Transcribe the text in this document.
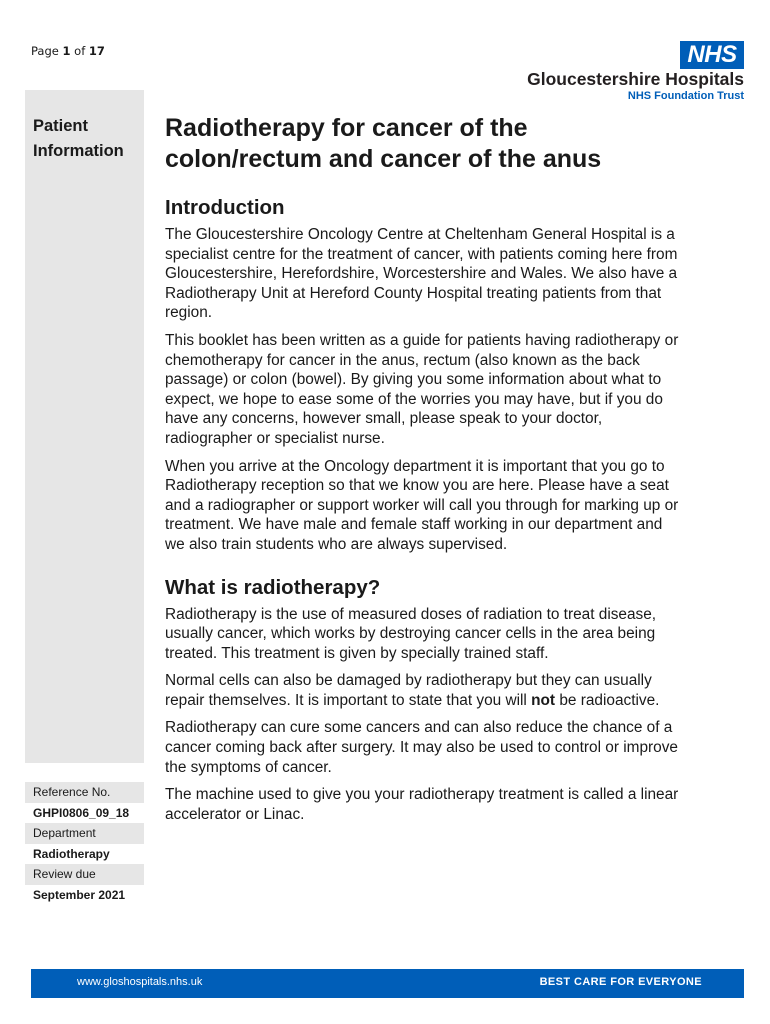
Page 1 of 17	NHS
Gloucestershire Hospitals
NHS Foundation Trust
Patient
Information
Reference No.
GHPI0806_09_18
Department
Radiotherapy
Review due
September 2021
Radiotherapy for cancer of the colon/rectum and cancer of the anus
Introduction

The Gloucestershire Oncology Centre at Cheltenham General Hospital is a specialist centre for the treatment of cancer, with patients coming here from Gloucestershire, Herefordshire, Worcestershire and Wales. We also have a Radiotherapy Unit at Hereford County Hospital treating patients from that region.

This booklet has been written as a guide for patients having radiotherapy or chemotherapy for cancer in the anus, rectum (also known as the back passage) or colon (bowel). By giving you some information about what to expect, we hope to ease some of the worries you may have, but if you do have any concerns, however small, please speak to your doctor, radiographer or specialist nurse.

When you arrive at the Oncology department it is important that you go to Radiotherapy reception so that we know you are here. Please have a seat and a radiographer or support worker will call you through for marking up or treatment. We have male and female staff working in our department and we also train students who are always supervised.

What is radiotherapy?

Radiotherapy is the use of measured doses of radiation to treat disease, usually cancer, which works by destroying cancer cells in the area being treated. This treatment is given by specially trained staff.

Normal cells can also be damaged by radiotherapy but they can usually repair themselves. It is important to state that you will not be radioactive.

Radiotherapy can cure some cancers and can also reduce the chance of a cancer coming back after surgery. It may also be used to control or improve the symptoms of cancer.

The machine used to give you your radiotherapy treatment is called a linear accelerator or Linac.

www.gloshospitals.nhs.uk	BEST CARE FOR EVERYONE
